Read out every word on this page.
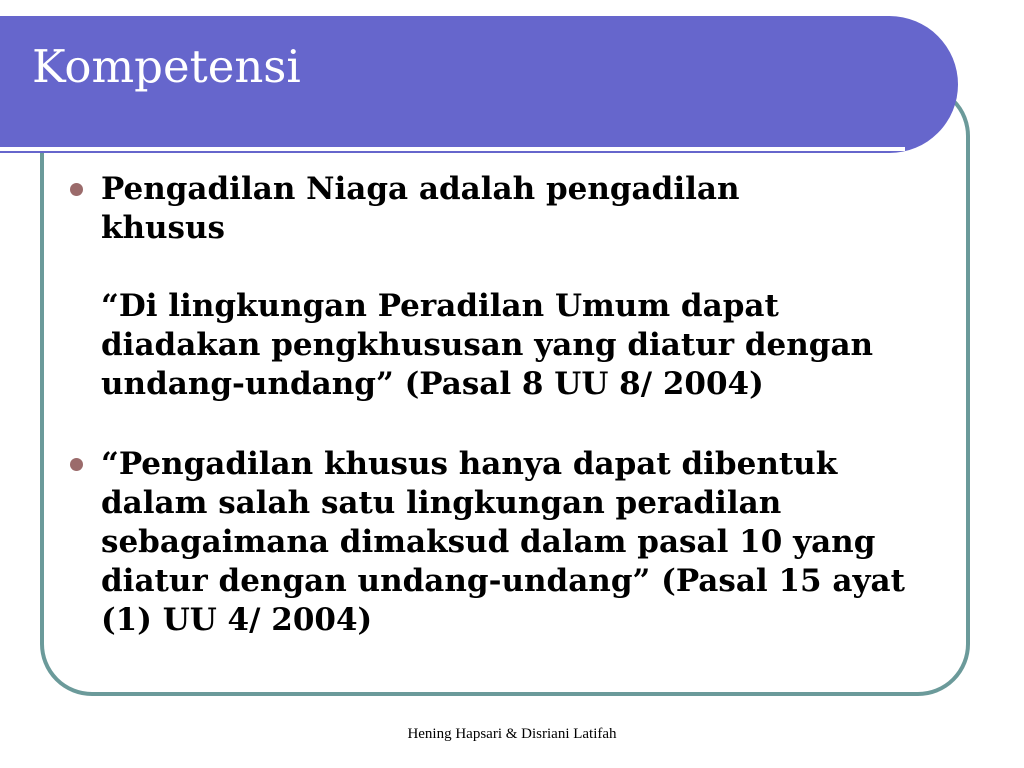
Kompetensi

Pengadilan Niaga adalah pengadilan
khusus

“Di lingkungan Peradilan Umum dapat
diadakan pengkhususan yang diatur dengan
undang-undang” (Pasal 8 UU 8/ 2004)

“Pengadilan khusus hanya dapat dibentuk
dalam salah satu lingkungan peradilan
sebagaimana dimaksud dalam pasal 10 yang
diatur dengan undang-undang” (Pasal 15 ayat
(1) UU 4/ 2004)

Hening Hapsari & Disriani Latifah
